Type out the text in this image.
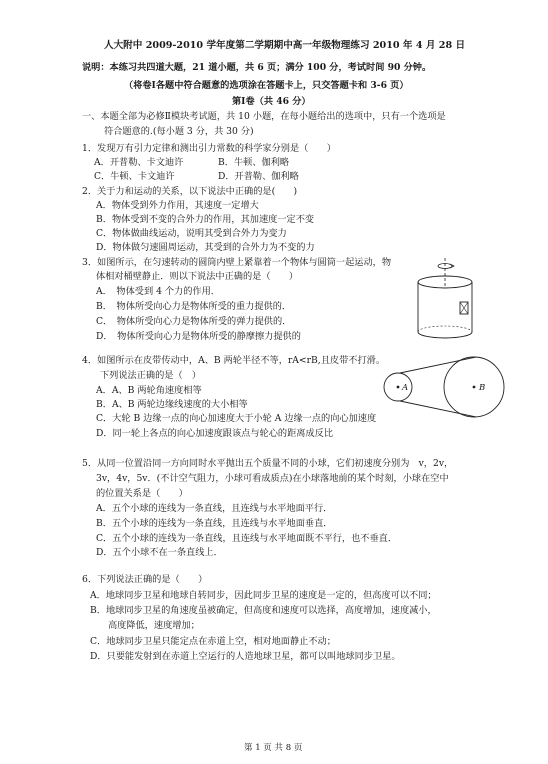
人大附中 2009-2010 学年度第二学期期中高一年级物理练习 2010 年 4 月 28 日
说明：本练习共四道大题，21 道小题，共 6 页；满分 100 分，考试时间 90 分钟。
（将卷Ⅰ各题中符合题意的选项涂在答题卡上，只交答题卡和 3-6 页）
第Ⅰ卷（共 46 分）
一、本题全部为必修Ⅱ模块考试题，共 10 小题，在每小题给出的选项中，只有一个选项是
符合题意的.(每小题 3 分，共 30 分)
1．发现万有引力定律和测出引力常数的科学家分别是（　　）
A．开普勒、卡文迪许	B．牛顿、伽利略
C．牛顿、卡文迪许	D．开普勒、伽利略
2．关于力和运动的关系，以下说法中正确的是(　　)
A．物体受到外力作用，其速度一定增大
B．物体受到不变的合外力的作用，其加速度一定不变
C．物体做曲线运动，说明其受到合外力为变力
D．物体做匀速圆周运动，其受到的合外力为不变的力
3．如图所示，在匀速转动的圆筒内壁上紧靠着一个物体与圆筒一起运动，物
体相对桶壁静止．则以下说法中正确的是（　　）
A．　物体受到 4 个力的作用．
B．　物体所受向心力是物体所受的重力提供的．
C．　物体所受向心力是物体所受的弹力提供的．
D．　物体所受向心力是物体所受的静摩擦力提供的
4．如图所示在皮带传动中，A、B 两轮半径不等，rA<rB,且皮带不打滑。
下列说法正确的是（　）
A．A、B 两轮角速度相等
B．A、B 两轮边缘线速度的大小相等
C．大轮 B 边缘一点的向心加速度大于小轮 A 边缘一点的向心加速度
D．同一轮上各点的向心加速度跟该点与轮心的距离成反比
A	B
5．从同一位置沿同一方向同时水平抛出五个质量不同的小球，它们初速度分别为　v，2v，
3v，4v，5v．(不计空气阻力，小球可看成质点)在小球落地前的某个时刻，小球在空中
的位置关系是（　　）
A．五个小球的连线为一条直线，且连线与水平地面平行．
B．五个小球的连线为一条直线，且连线与水平地面垂直．
C．五个小球的连线为一条直线，且连线与水平地面既不平行，也不垂直．
D．五个小球不在一条直线上．
6．下列说法正确的是（　　）
A．地球同步卫星和地球自转同步，因此同步卫星的速度是一定的，但高度可以不同；
B．地球同步卫星的角速度虽被确定，但高度和速度可以选择，高度增加，速度减小，
高度降低，速度增加；
C．地球同步卫星只能定点在赤道上空，相对地面静止不动；
D．只要能发射到在赤道上空运行的人造地球卫星，都可以叫地球同步卫星。
第 1 页 共 8 页
